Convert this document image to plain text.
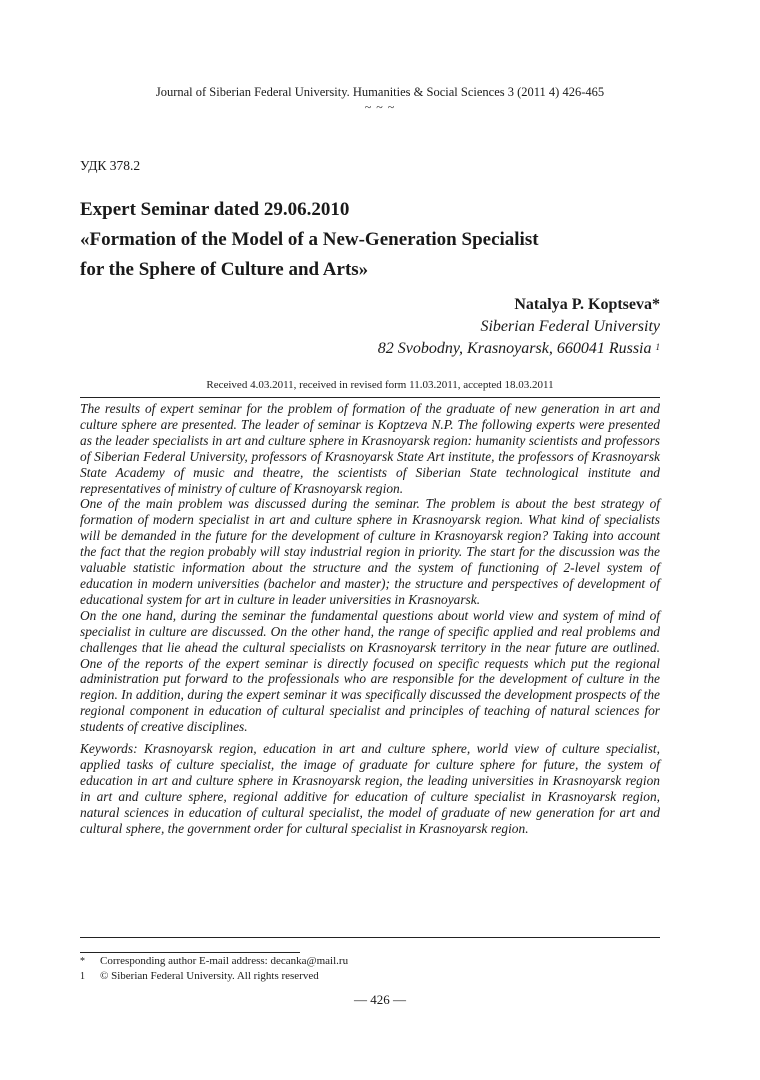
Journal of Siberian Federal University. Humanities & Social Sciences 3 (2011 4) 426-465
~ ~ ~
УДК 378.2
Expert Seminar dated 29.06.2010
«Formation of the Model of a New-Generation Specialist
for the Sphere of Culture and Arts»
Natalya P. Koptseva*
Siberian Federal University
82 Svobodny, Krasnoyarsk, 660041 Russia $^1$
Received 4.03.2011, received in revised form 11.03.2011, accepted 18.03.2011

The results of expert seminar for the problem of formation of the graduate of new generation in art and culture sphere are presented. The leader of seminar is Koptzeva N.P. The following experts were presented as the leader specialists in art and culture sphere in Krasnoyarsk region: humanity scientists and professors of Siberian Federal University, professors of Krasnoyarsk State Art institute, the professors of Krasnoyarsk State Academy of music and theatre, the scientists of Siberian State technological institute and representatives of ministry of culture of Krasnoyarsk region.

One of the main problem was discussed during the seminar. The problem is about the best strategy of formation of modern specialist in art and culture sphere in Krasnoyarsk region. What kind of specialists will be demanded in the future for the development of culture in Krasnoyarsk region? Taking into account the fact that the region probably will stay industrial region in priority. The start for the discussion was the valuable statistic information about the structure and the system of functioning of 2-level system of education in modern universities (bachelor and master); the structure and perspectives of development of educational system for art in culture in leader universities in Krasnoyarsk.

On the one hand, during the seminar the fundamental questions about world view and system of mind of specialist in culture are discussed. On the other hand, the range of specific applied and real problems and challenges that lie ahead the cultural specialists on Krasnoyarsk territory in the near future are outlined. One of the reports of the expert seminar is directly focused on specific requests which put the regional administration put forward to the professionals who are responsible for the development of culture in the region. In addition, during the expert seminar it was specifically discussed the development prospects of the regional component in education of cultural specialist and principles of teaching of natural sciences for students of creative disciplines.

Keywords: Krasnoyarsk region, education in art and culture sphere, world view of culture specialist, applied tasks of culture specialist, the image of graduate for culture sphere for future, the system of education in art and culture sphere in Krasnoyarsk region, the leading universities in Krasnoyarsk region in art and culture sphere, regional additive for education of culture specialist in Krasnoyarsk region, natural sciences in education of cultural specialist, the model of graduate of new generation for art and cultural sphere, the government order for cultural specialist in Krasnoyarsk region.

* Corresponding author E-mail address: decanka@mail.ru
1 © Siberian Federal University. All rights reserved
— 426 —
